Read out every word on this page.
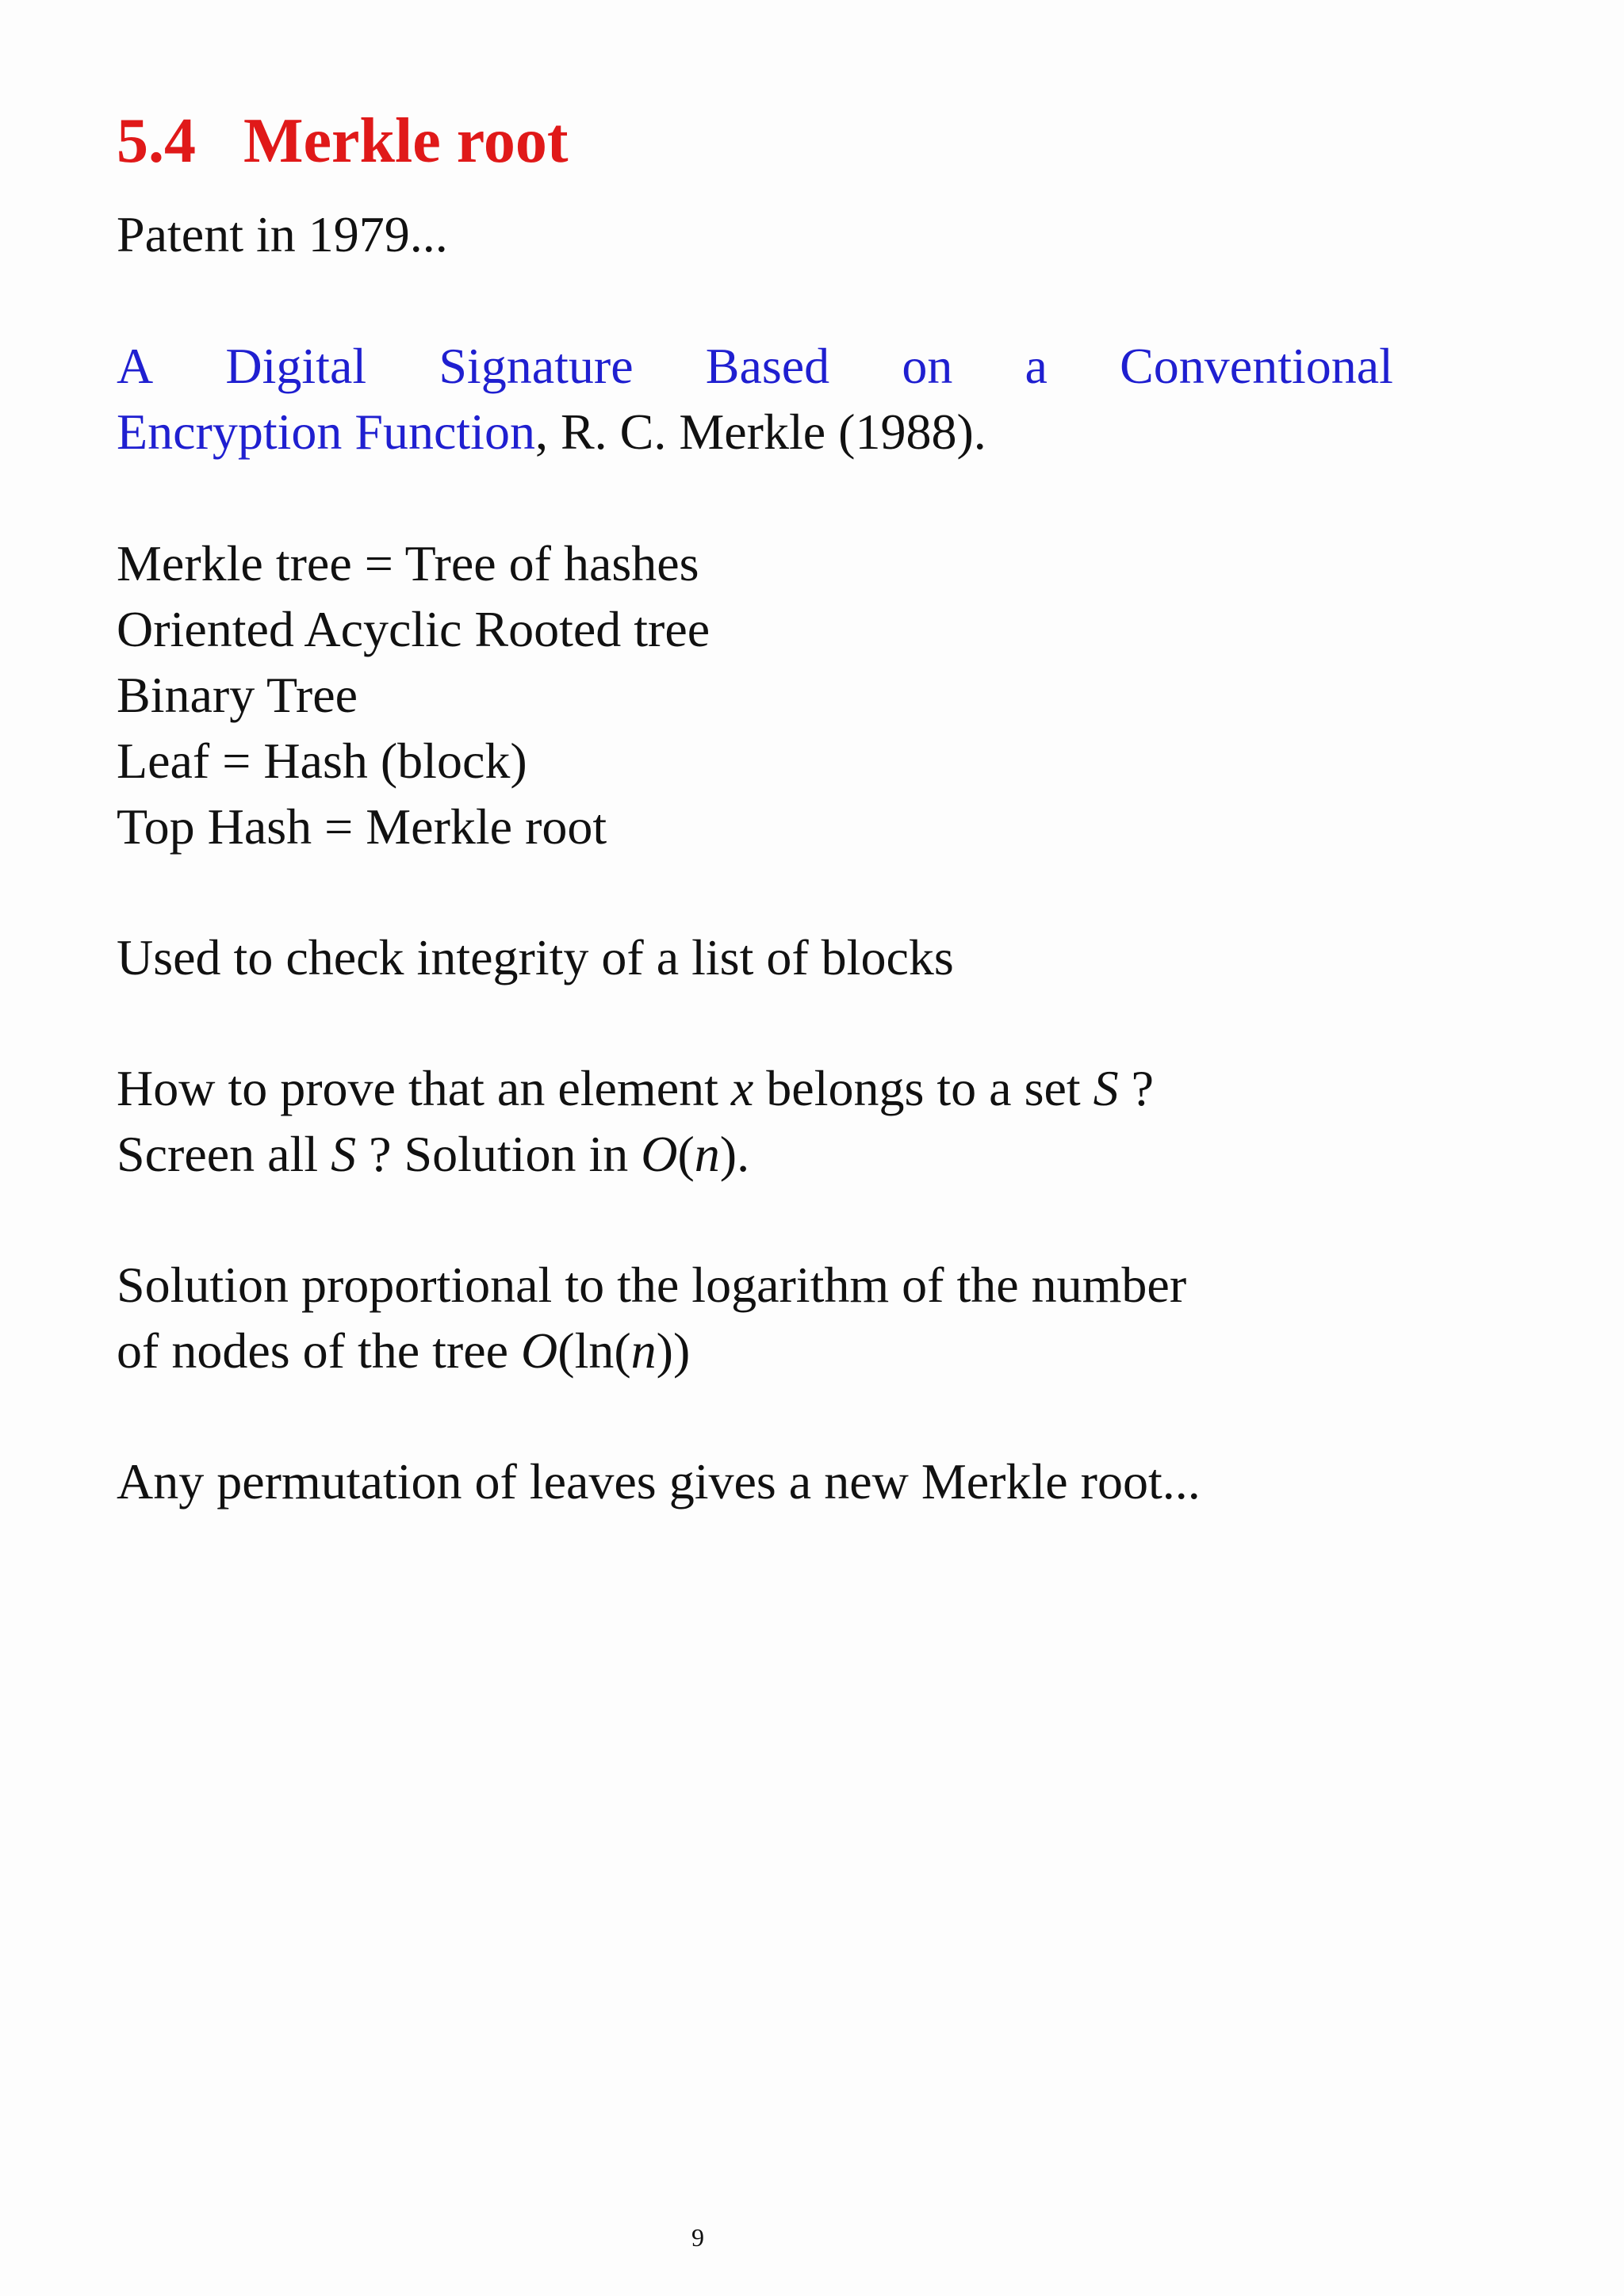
5.4 Merkle root

Patent in 1979...

A Digital Signature Based on a Conventional
Encryption Function, R. C. Merkle (1988).
Merkle tree = Tree of hashes
Oriented Acyclic Rooted tree
Binary Tree
Leaf = Hash (block)
Top Hash = Merkle root

Used to check integrity of a list of blocks

How to prove that an element x belongs to a set S ?
Screen all S ? Solution in O(n).
Solution proportional to the logarithm of the number
of nodes of the tree O(ln(n))

Any permutation of leaves gives a new Merkle root...

9
